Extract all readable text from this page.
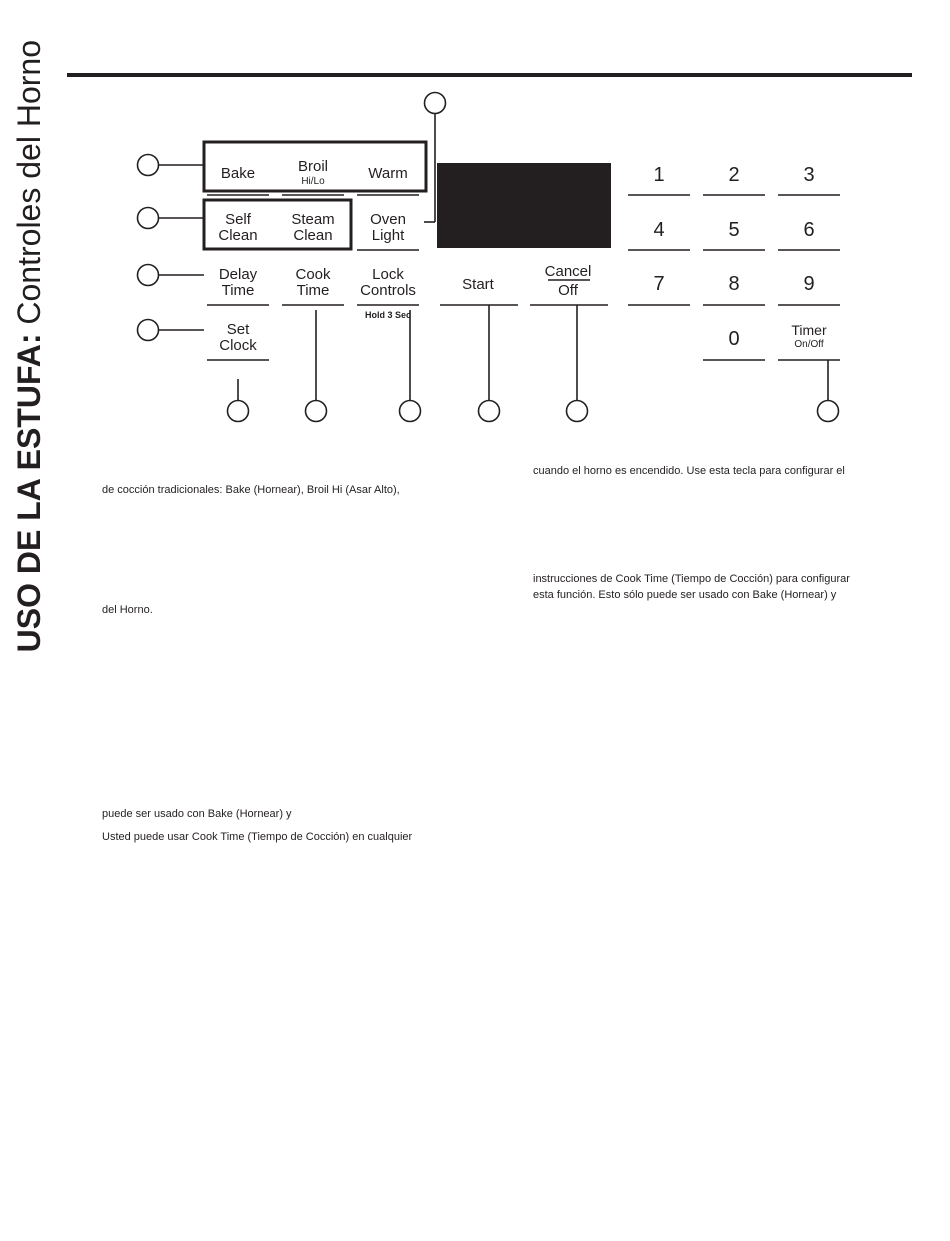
USO DE LA ESTUFA: Controles del Horno	Bake	Broil
Hi/Lo	Warm
Self
Clean
Steam
Clean
Oven
Light
Delay
Time
Cook
Time
Lock
Controls
Hold 3 Sec
Start
Cancel
Off
Set
Clock
1	2	3
4	5	6
7	8	9
0	Timer
On/Off
cuando el horno es encendido. Use esta tecla para configurar el
de cocción tradicionales: Bake (Hornear), Broil Hi (Asar Alto),
instrucciones de Cook Time (Tiempo de Cocción) para configurar
esta función. Esto sólo puede ser usado con Bake (Hornear) y
del Horno.
puede ser usado con Bake (Hornear) y
Usted puede usar Cook Time (Tiempo de Cocción) en cualquier
